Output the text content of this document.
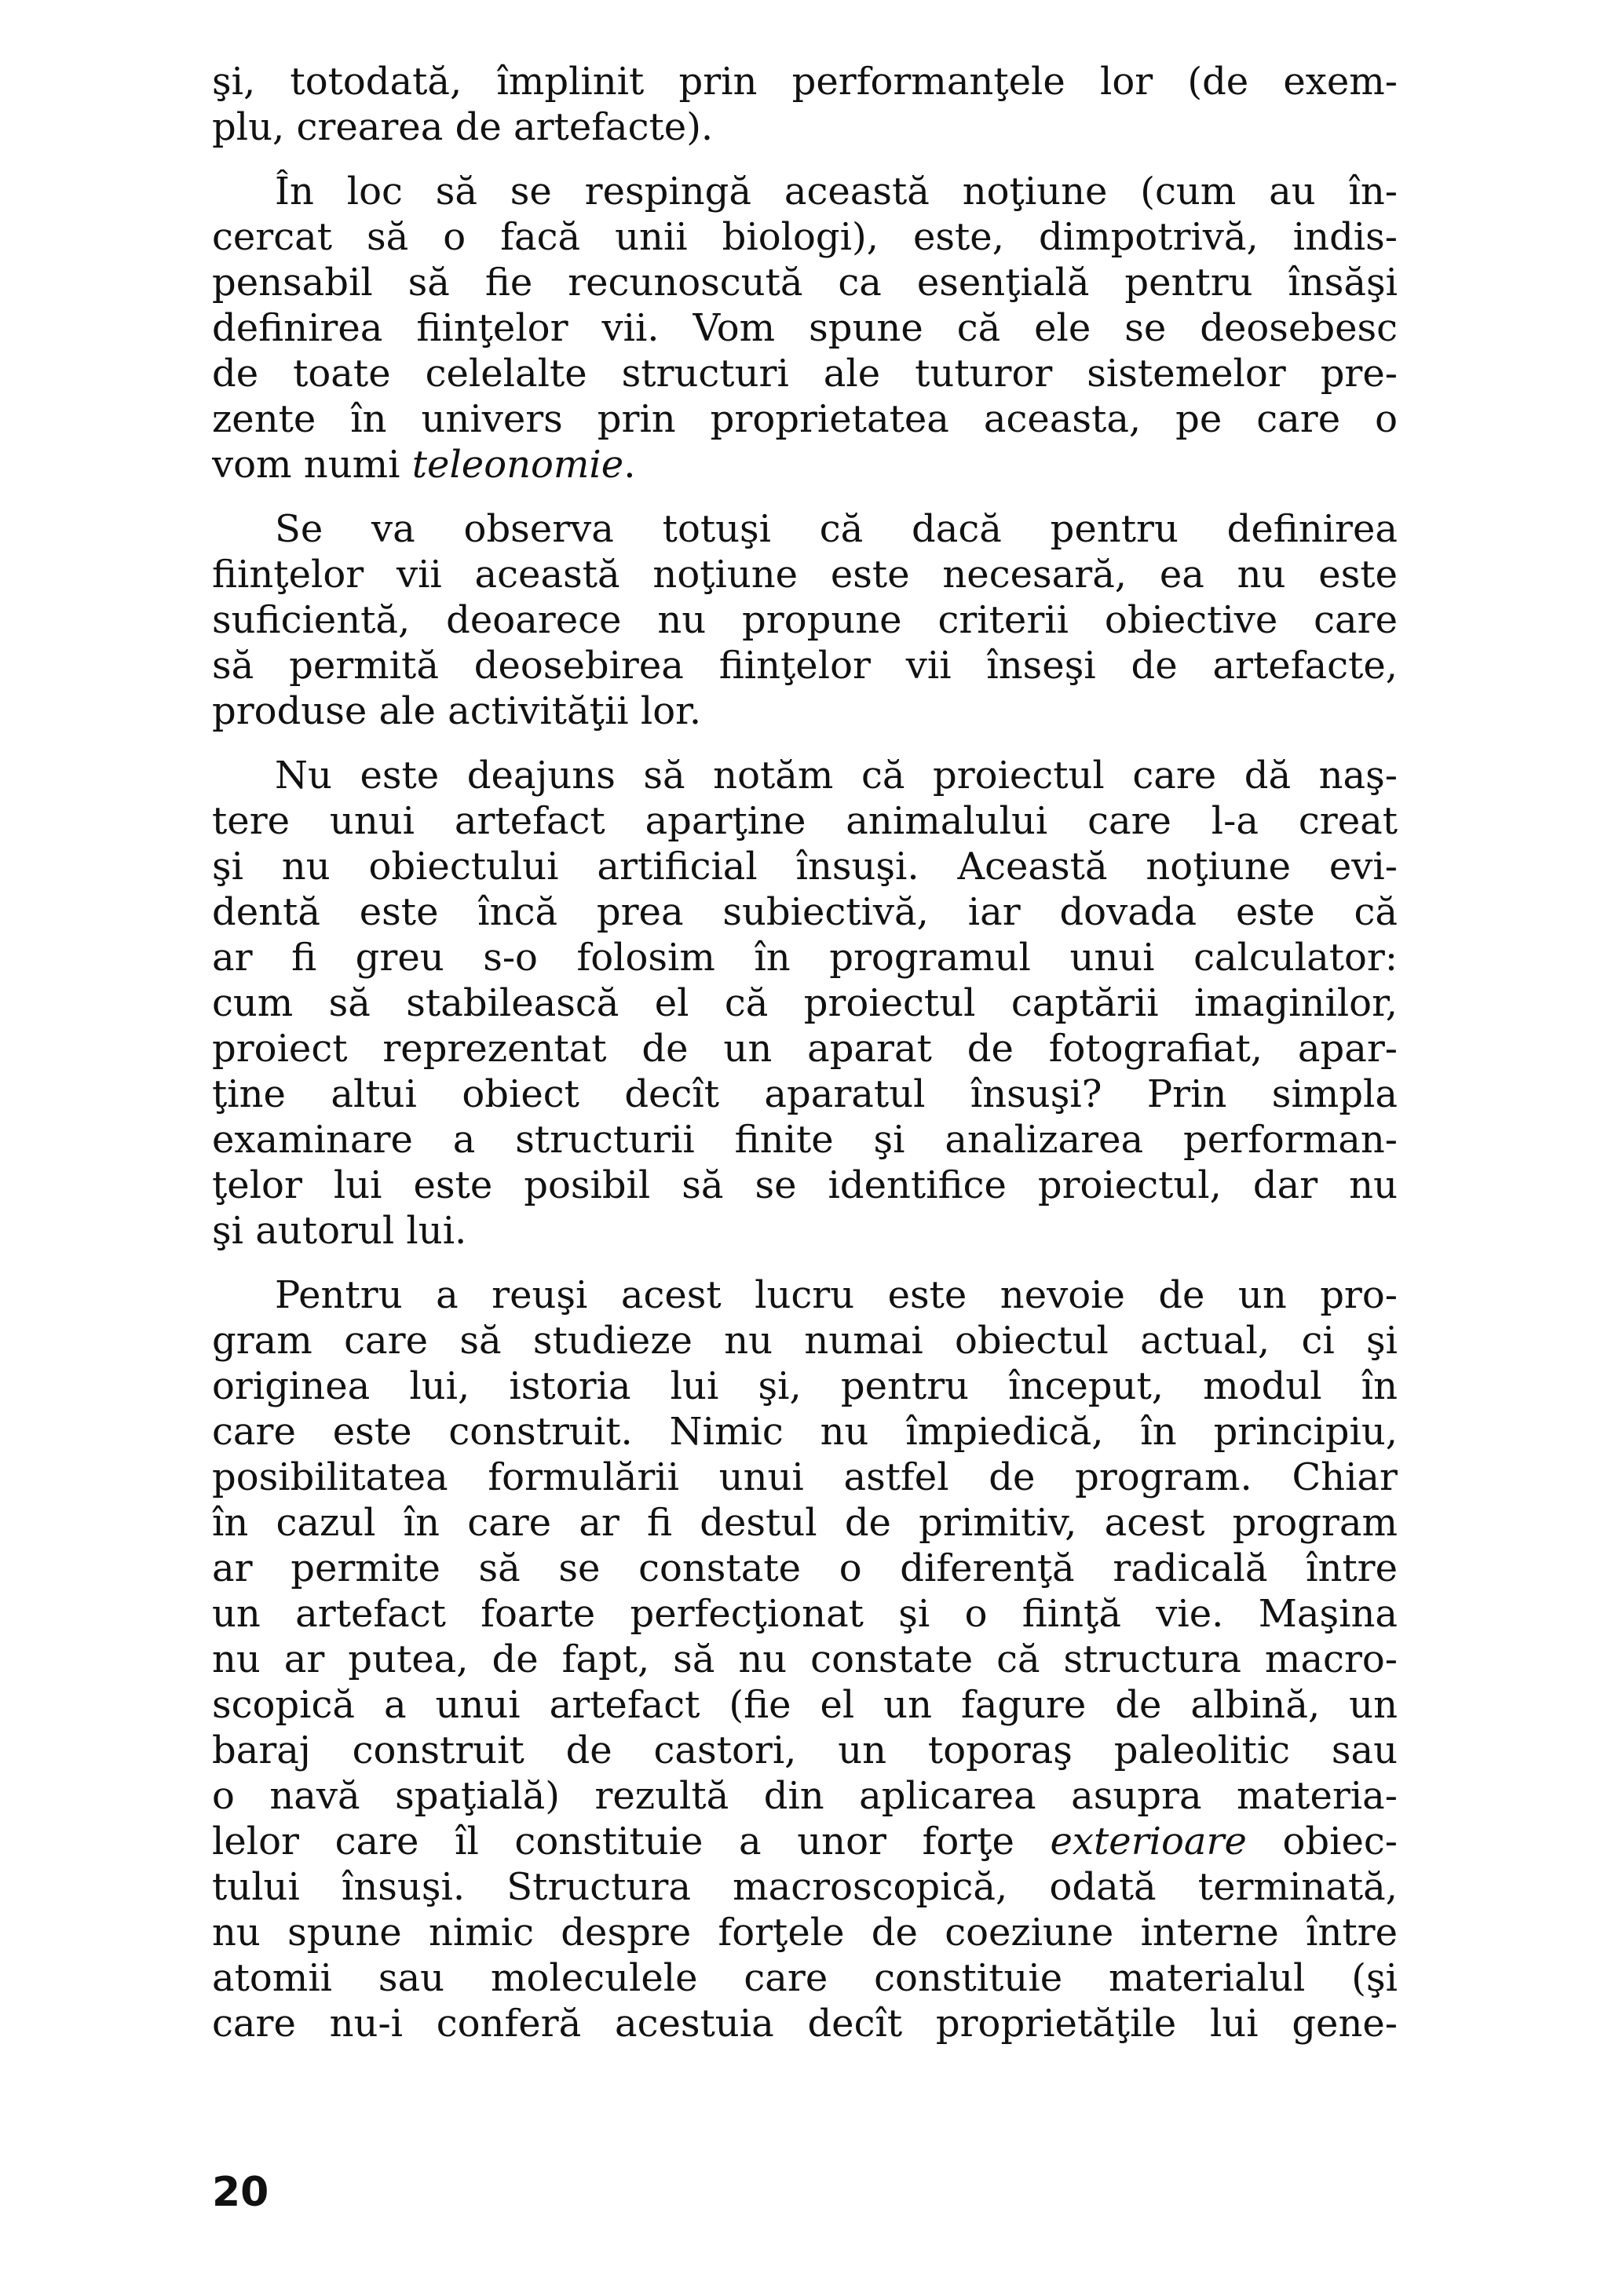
şi, totodată, împlinit prin performanţele lor (de exem-
plu, crearea de artefacte).

În loc să se respingă această noţiune (cum au în-
cercat să o facă unii biologi), este, dimpotrivă, indis-
pensabil să fie recunoscută ca esenţială pentru însăşi
definirea fiinţelor vii. Vom spune că ele se deosebesc
de toate celelalte structuri ale tuturor sistemelor pre-
zente în univers prin proprietatea aceasta, pe care o
vom numi teleonomie.

Se va observa totuşi că dacă pentru definirea
fiinţelor vii această noţiune este necesară, ea nu este
suficientă, deoarece nu propune criterii obiective care
să permită deosebirea fiinţelor vii înseşi de artefacte,
produse ale activităţii lor.

Nu este deajuns să notăm că proiectul care dă naş-
tere unui artefact aparţine animalului care l-a creat
şi nu obiectului artificial însuşi. Această noţiune evi-
dentă este încă prea subiectivă, iar dovada este că
ar fi greu s-o folosim în programul unui calculator:
cum să stabilească el că proiectul captării imaginilor,
proiect reprezentat de un aparat de fotografiat, apar-
ţine altui obiect decît aparatul însuşi? Prin simpla
examinare a structurii finite şi analizarea performan-
ţelor lui este posibil să se identifice proiectul, dar nu
şi autorul lui.

Pentru a reuşi acest lucru este nevoie de un pro-
gram care să studieze nu numai obiectul actual, ci şi
originea lui, istoria lui şi, pentru început, modul în
care este construit. Nimic nu împiedică, în principiu,
posibilitatea formulării unui astfel de program. Chiar
în cazul în care ar fi destul de primitiv, acest program
ar permite să se constate o diferenţă radicală între
un artefact foarte perfecţionat şi o fiinţă vie. Maşina
nu ar putea, de fapt, să nu constate că structura macro-
scopică a unui artefact (fie el un fagure de albină, un
baraj construit de castori, un toporaş paleolitic sau
o navă spaţială) rezultă din aplicarea asupra materia-
lelor care îl constituie a unor forţe exterioare obiec-
tului însuşi. Structura macroscopică, odată terminată,
nu spune nimic despre forţele de coeziune interne între
atomii sau moleculele care constituie materialul (şi
care nu-i conferă acestuia decît proprietăţile lui gene-

20
